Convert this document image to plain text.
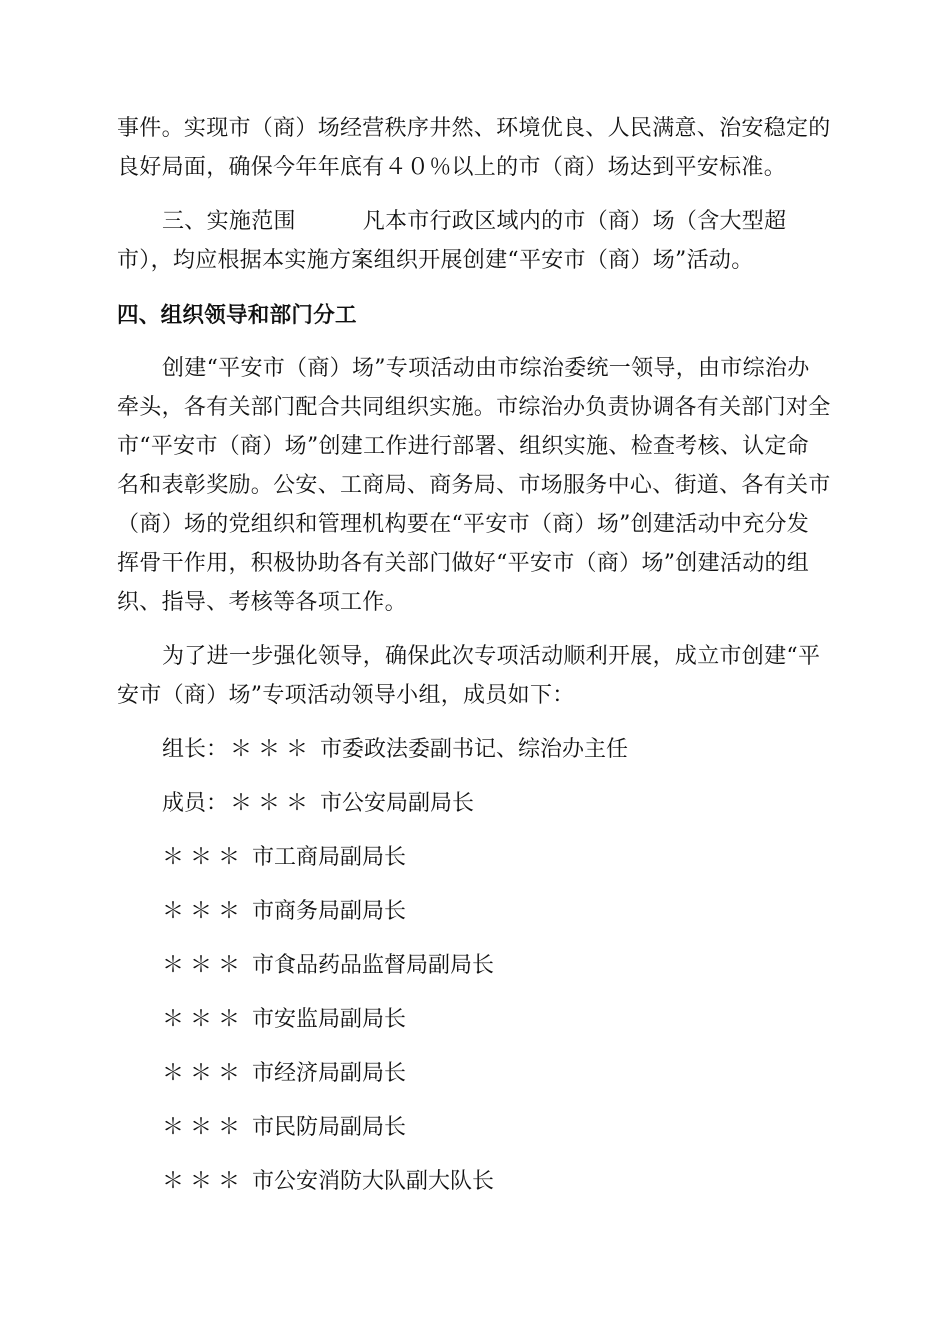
事件。实现市（商）场经营秩序井然、环境优良、人民满意、治安稳定的
良好局面，确保今年年底有４０％以上的市（商）场达到平安标准。
三、实施范围　　　凡本市行政区域内的市（商）场（含大型超
市），均应根据本实施方案组织开展创建“平安市（商）场”活动。
四、组织领导和部门分工
创建“平安市（商）场”专项活动由市综治委统一领导，由市综治办
牵头，各有关部门配合共同组织实施。市综治办负责协调各有关部门对全
市“平安市（商）场”创建工作进行部署、组织实施、检查考核、认定命
名和表彰奖励。公安、工商局、商务局、市场服务中心、街道、各有关市
（商）场的党组织和管理机构要在“平安市（商）场”创建活动中充分发
挥骨干作用，积极协助各有关部门做好“平安市（商）场”创建活动的组
织、指导、考核等各项工作。
为了进一步强化领导，确保此次专项活动顺利开展，成立市创建“平
安市（商）场”专项活动领导小组，成员如下：
组长： ＊＊＊ 市委政法委副书记、综治办主任
成员： ＊＊＊ 市公安局副局长
＊＊＊ 市工商局副局长
＊＊＊ 市商务局副局长
＊＊＊ 市食品药品监督局副局长
＊＊＊ 市安监局副局长
＊＊＊ 市经济局副局长
＊＊＊ 市民防局副局长
＊＊＊ 市公安消防大队副大队长
